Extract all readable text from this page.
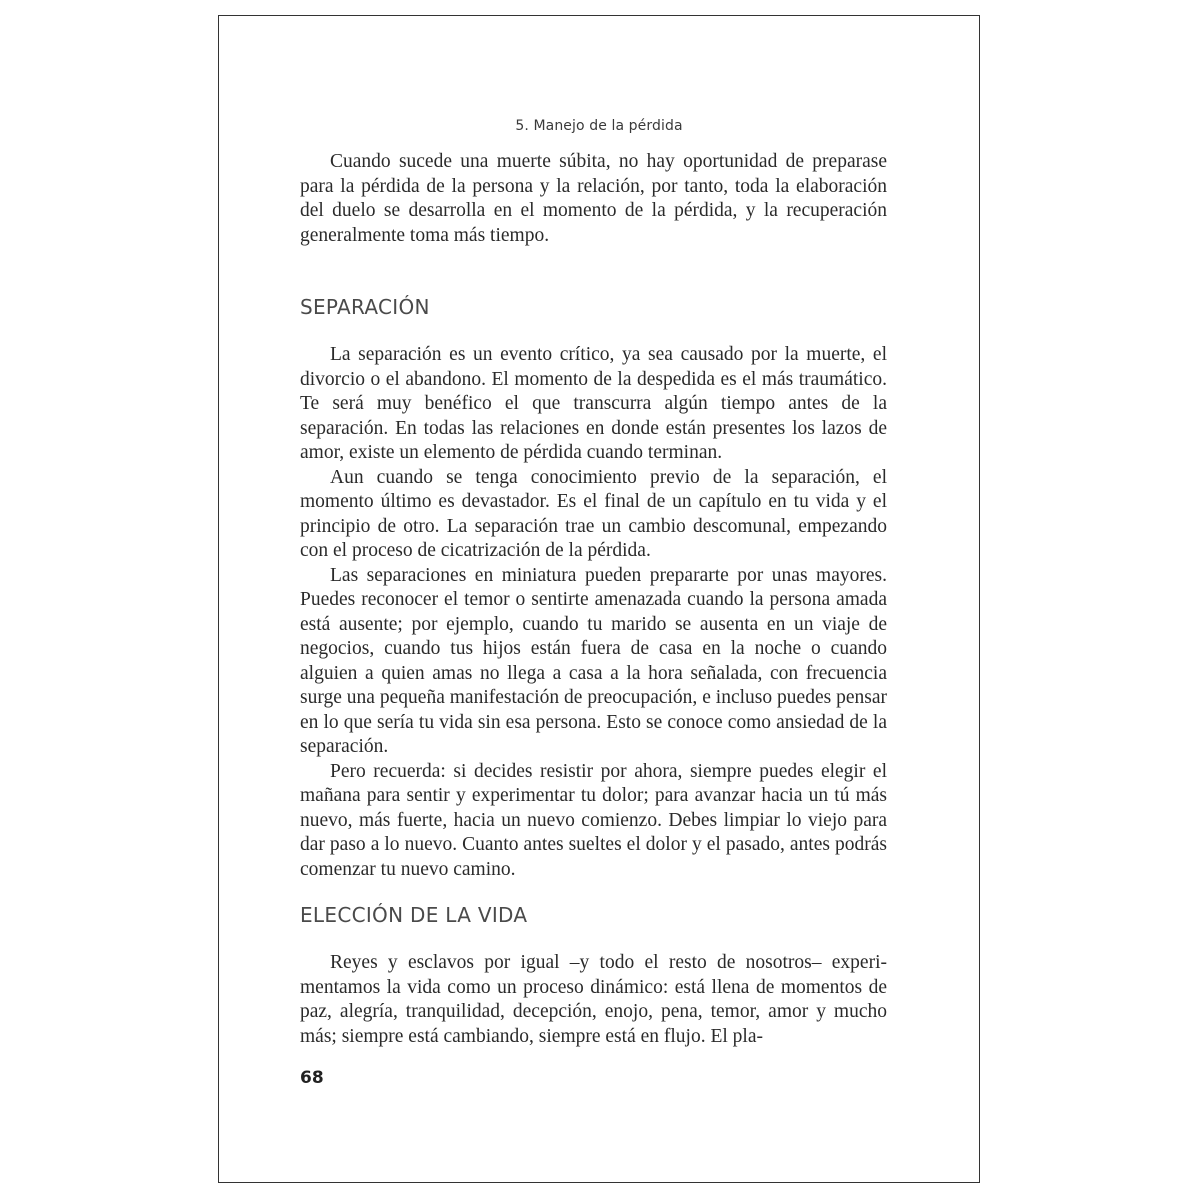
5. Manejo de la pérdida

Cuando sucede una muerte súbita, no hay oportunidad de preparase para la pérdida de la persona y la relación, por tanto, toda la elaboración del duelo se desarrolla en el momento de la pérdida, y la recuperación generalmente toma más tiempo.

SEPARACIÓN

La separación es un evento crítico, ya sea causado por la muerte, el divorcio o el abandono. El momento de la despedida es el más traumático. Te será muy benéfico el que transcurra algún tiempo antes de la separación. En todas las relaciones en donde están presentes los lazos de amor, existe un elemento de pérdida cuando terminan.

Aun cuando se tenga conocimiento previo de la separación, el momento último es devastador. Es el final de un capítulo en tu vida y el principio de otro. La separación trae un cambio descomunal, empezando con el proceso de cicatrización de la pérdida.

Las separaciones en miniatura pueden prepararte por unas mayores. Puedes reconocer el temor o sentirte amenazada cuando la persona amada está ausente; por ejemplo, cuando tu marido se ausenta en un viaje de negocios, cuando tus hijos están fuera de casa en la noche o cuando alguien a quien amas no llega a casa a la hora señalada, con frecuencia surge una pequeña manifestación de preocupación, e incluso puedes pensar en lo que sería tu vida sin esa persona. Esto se conoce como ansiedad de la separación.

Pero recuerda: si decides resistir por ahora, siempre puedes elegir el mañana para sentir y experimentar tu dolor; para avanzar hacia un tú más nuevo, más fuerte, hacia un nuevo comienzo. Debes limpiar lo viejo para dar paso a lo nuevo. Cuanto antes sueltes el dolor y el pasado, antes podrás comenzar tu nuevo camino.

ELECCIÓN DE LA VIDA

Reyes y esclavos por igual –y todo el resto de nosotros– experimentamos la vida como un proceso dinámico: está llena de momentos de paz, alegría, tranquilidad, decepción, enojo, pena, temor, amor y mucho más; siempre está cambiando, siempre está en flujo. El pla-

68
